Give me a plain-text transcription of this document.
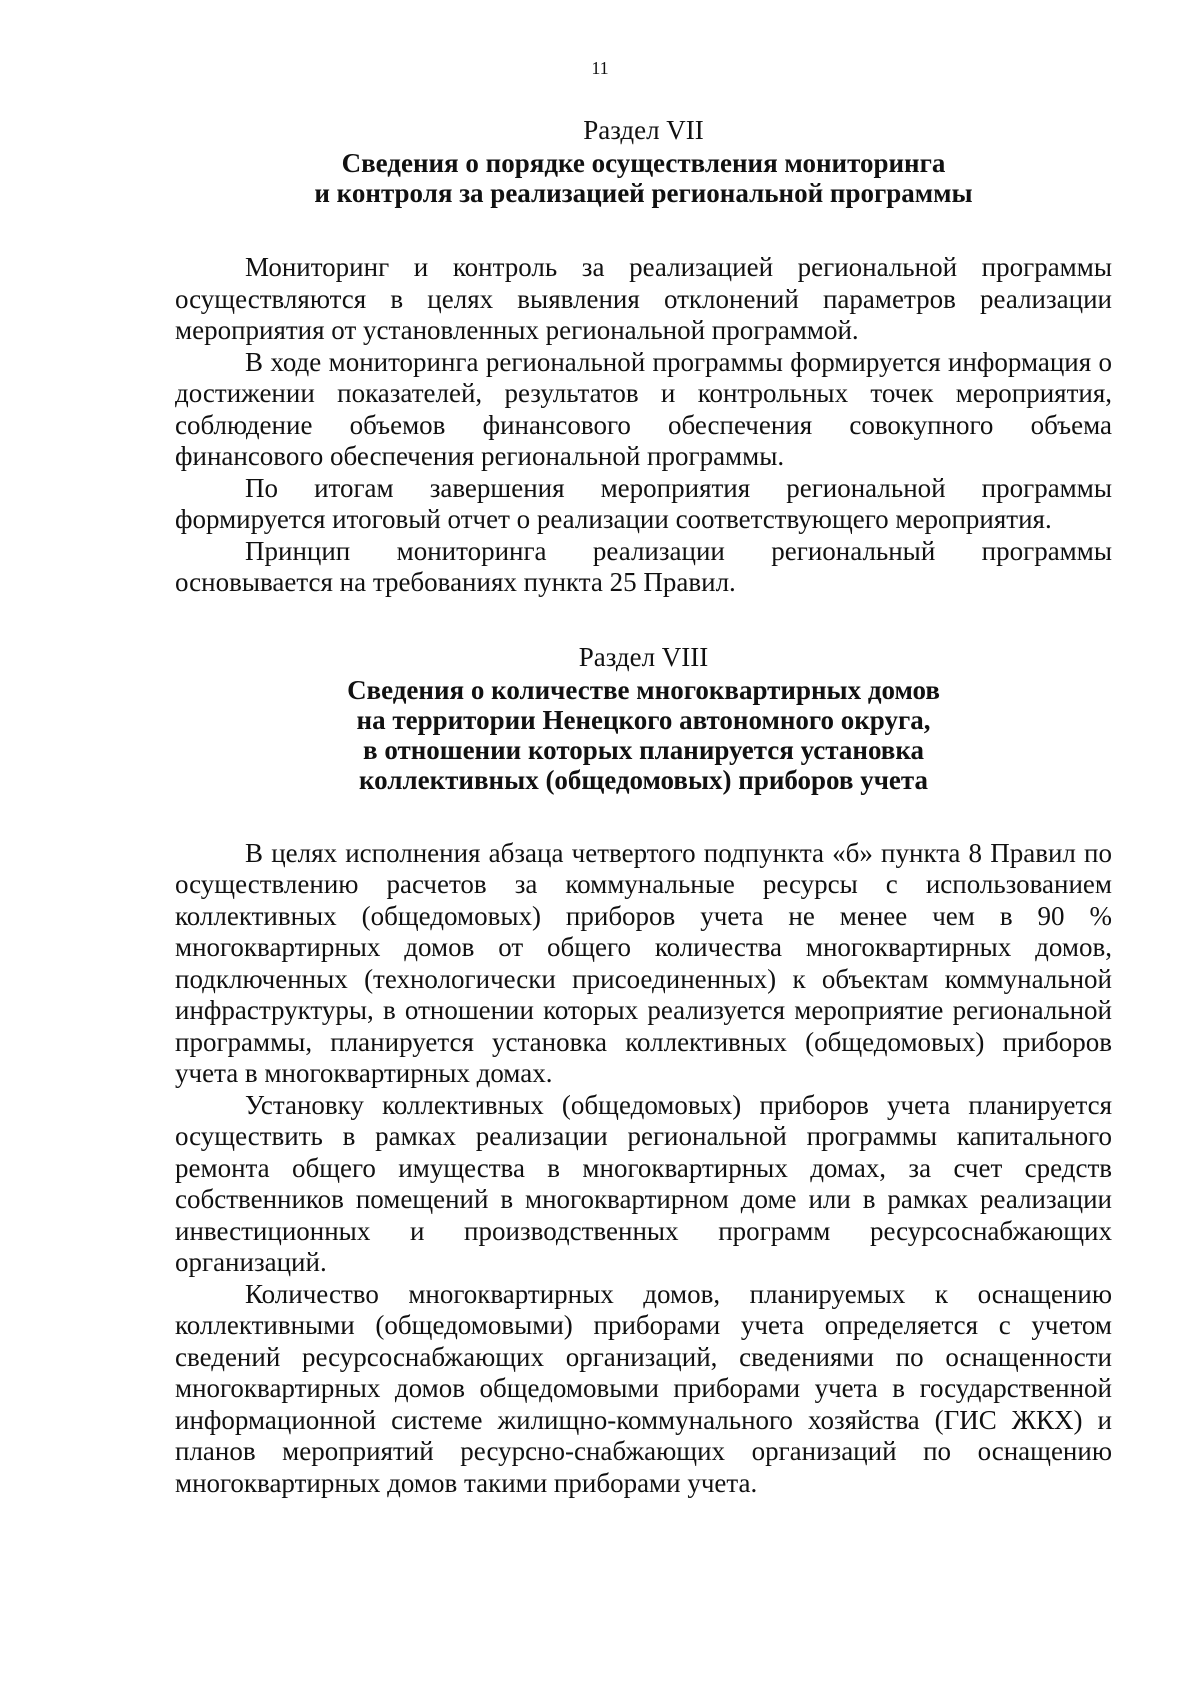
11

Раздел VII

Сведения о порядке осуществления мониторинга
и контроля за реализацией региональной программы

Мониторинг и контроль за реализацией региональной программы осуществляются в целях выявления отклонений параметров реализации мероприятия от установленных региональной программой.

В ходе мониторинга региональной программы формируется информация о достижении показателей, результатов и контрольных точек мероприятия, соблюдение объемов финансового обеспечения совокупного объема финансового обеспечения региональной программы.

По итогам завершения мероприятия региональной программы формируется итоговый отчет о реализации соответствующего мероприятия.

Принцип мониторинга реализации региональный программы основывается на требованиях пункта 25 Правил.

Раздел VIII

Сведения о количестве многоквартирных домов
на территории Ненецкого автономного округа,
в отношении которых планируется установка
коллективных (общедомовых) приборов учета

В целях исполнения абзаца четвертого подпункта «б» пункта 8 Правил по осуществлению расчетов за коммунальные ресурсы с использованием коллективных (общедомовых) приборов учета не менее чем в 90 % многоквартирных домов от общего количества многоквартирных домов, подключенных (технологически присоединенных) к объектам коммунальной инфраструктуры, в отношении которых реализуется мероприятие региональной программы, планируется установка коллективных (общедомовых) приборов учета в многоквартирных домах.

Установку коллективных (общедомовых) приборов учета планируется осуществить в рамках реализации региональной программы капитального ремонта общего имущества в многоквартирных домах, за счет средств собственников помещений в многоквартирном доме или в рамках реализации инвестиционных и производственных программ ресурсоснабжающих организаций.

Количество многоквартирных домов, планируемых к оснащению коллективными (общедомовыми) приборами учета определяется с учетом сведений ресурсоснабжающих организаций, сведениями по оснащенности многоквартирных домов общедомовыми приборами учета в государственной информационной системе жилищно-коммунального хозяйства (ГИС ЖКХ) и планов мероприятий ресурсно-снабжающих организаций по оснащению многоквартирных домов такими приборами учета.
